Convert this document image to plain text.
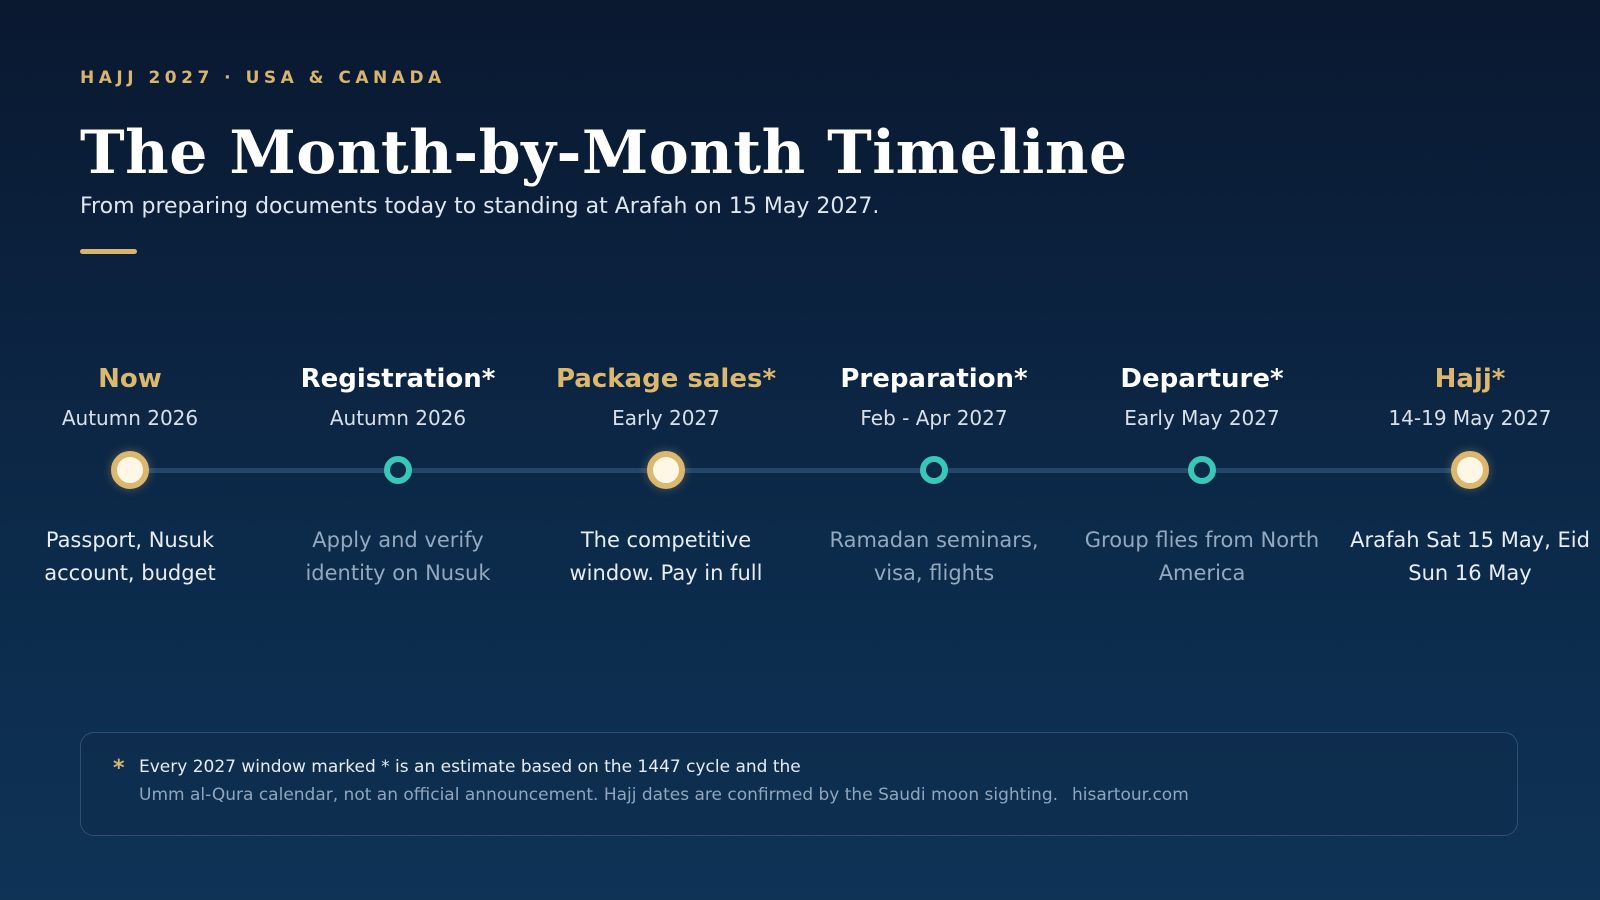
HAJJ 2027 · USA & CANADA
The Month-by-Month Timeline
From preparing documents today to standing at Arafah on 15 May 2027.
Now
Autumn 2026
Passport, Nusuk account, budget
Registration*
Autumn 2026
Apply and verify identity on Nusuk
Package sales*
Early 2027
The competitive window. Pay in full
Preparation*
Feb - Apr 2027
Ramadan seminars, visa, flights
Departure*
Early May 2027
Group flies from North America
Hajj*
14-19 May 2027
Arafah Sat 15 May, Eid Sun 16 May
* Every 2027 window marked * is an estimate based on the 1447 cycle and the
Umm al-Qura calendar, not an official announcement. Hajj dates are confirmed by the Saudi moon sighting. hisartour.com
